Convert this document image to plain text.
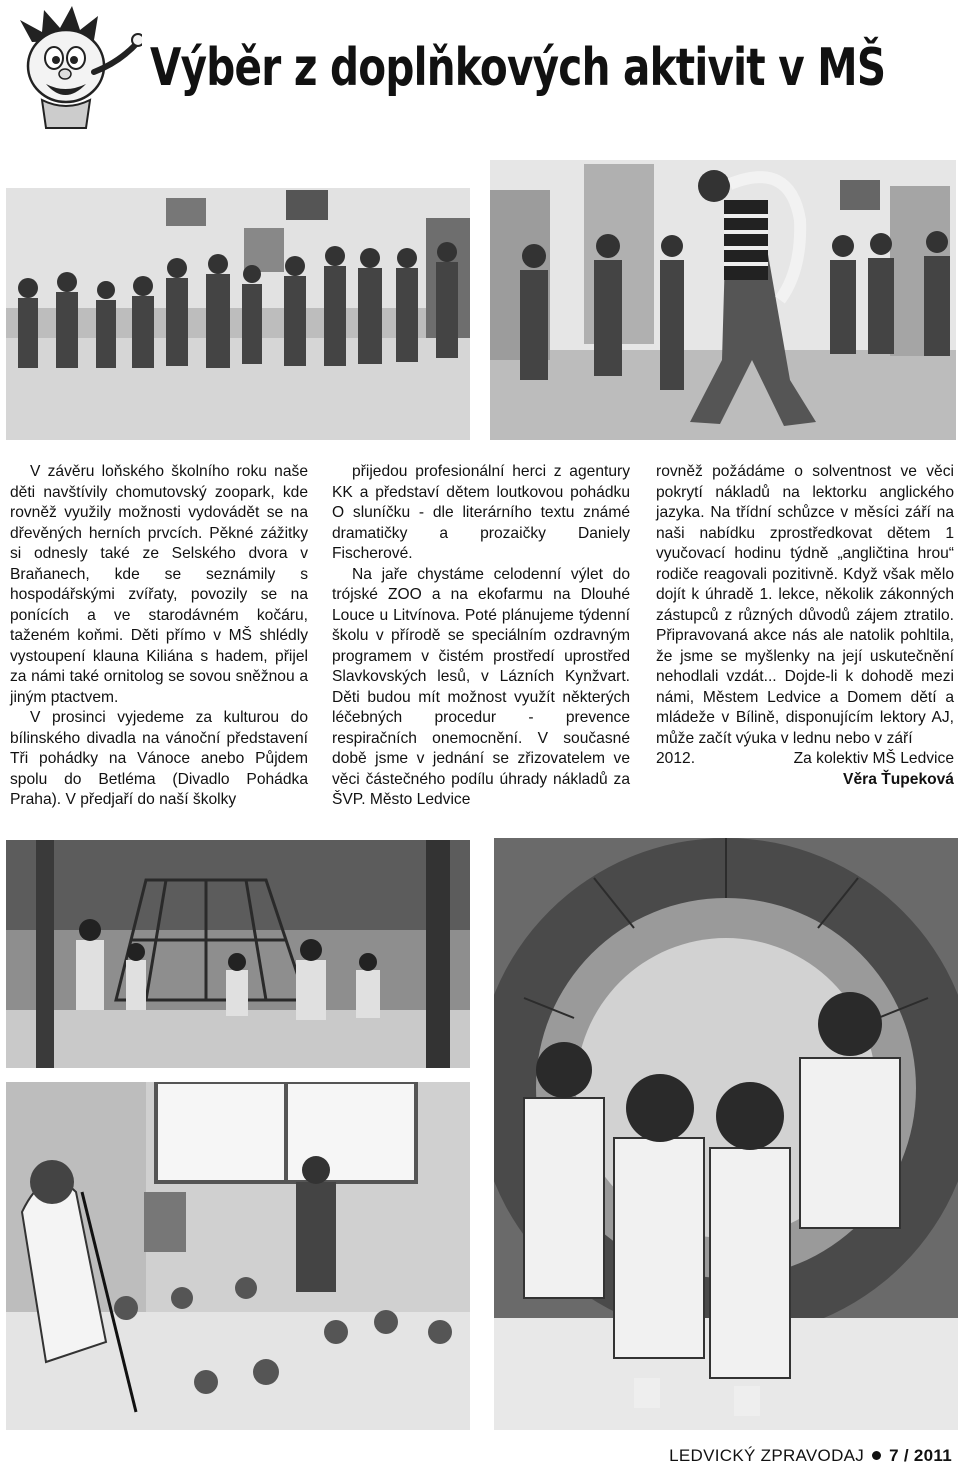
Výběr z doplňkových aktivit v MŠ

V závěru loňského školního roku naše děti navštívily chomutovský zoopark, kde rovněž využily možnosti vydovádět se na dřevěných herních prvcích. Pěkné zážitky si odnesly také ze Selského dvora v Braňanech, kde se seznámily s hospodářskými zvířaty, povozily se na ponících a ve starodávném kočáru, taženém koňmi. Děti přímo v MŠ shlédly vystoupení klauna Kiliána s hadem, přijel za námi také ornitolog se sovou sněžnou a jiným ptactvem.

V prosinci vyjedeme za kulturou do bílinského divadla na vánoční představení Tři pohádky na Vánoce anebo Půjdem spolu do Betléma (Divadlo Pohádka Praha). V předjaří do naší školky

přijedou profesionální herci z agentury KK a představí dětem loutkovou pohádku O sluníčku - dle literárního textu známé dramatičky a prozaičky Daniely Fischerové.

Na jaře chystáme celodenní výlet do trójské ZOO a na ekofarmu na Dlouhé Louce u Litvínova. Poté plánujeme týdenní školu v přírodě se speciálním ozdravným programem v čistém prostředí uprostřed Slavkovských lesů, v Lázních Kynžvart. Děti budou mít možnost využít některých léčebných procedur - prevence respiračních onemocnění. V současné době jsme v jednání se zřizovatelem ve věci částečného podílu úhrady nákladů za ŠVP. Město Ledvice

rovněž požádáme o solventnost ve věci pokrytí nákladů na lektorku anglického jazyka. Na třídní schůzce v měsíci září na naši nabídku zprostředkovat dětem 1 vyučovací hodinu týdně „angličtina hrou“ rodiče reagovali pozitivně. Když však mělo dojít k úhradě 1. lekce, několik zákonných zástupců z různých důvodů zájem ztratilo. Připravovaná akce nás ale natolik pohltila, že jsme se myšlenky na její uskutečnění nehodlali vzdát... Dojde-li k dohodě mezi námi, Městem Ledvice a Domem dětí a mládeže v Bílině, disponujícím lektory AJ, může začít výuka v lednu nebo v září

2012.	Za kolektiv MŠ Ledvice
Věra Ťupeková
LEDVICKÝ ZPRAVODAJ 7 / 2011
